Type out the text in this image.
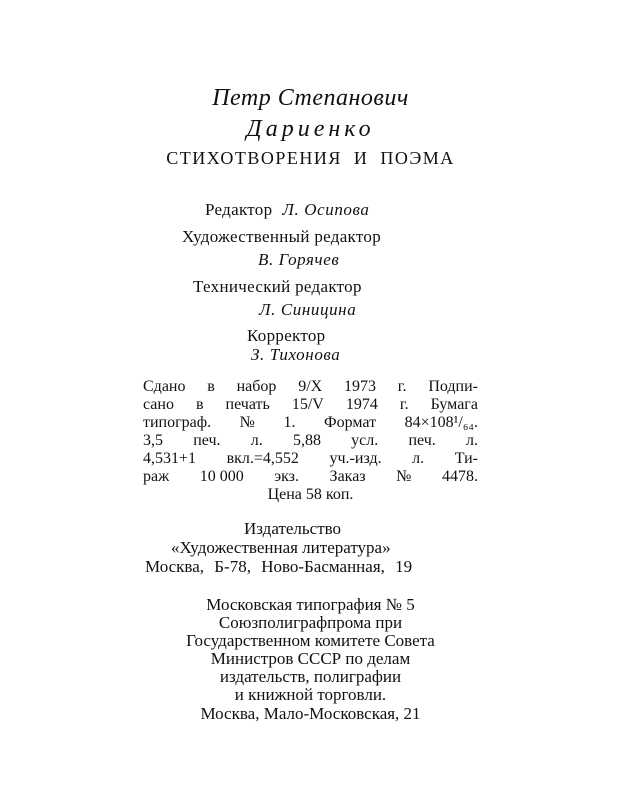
Петр Степанович
Дариенко
СТИХОТВОРЕНИЯ И ПОЭМА
Редактор Л. Осипова
Художественный редактор
В. Горячев
Технический редактор
Л. Синицина
Корректор
З. Тихонова
Сдано в набор 9/X 1973 г. Подпи-
сано в печать 15/V 1974 г. Бумага
типограф. № 1. Формат 84×108¹/₆₄.
3,5 печ. л. 5,88 усл. печ. л.
4,531+1 вкл.=4,552 уч.-изд. л. Ти-
раж 10 000 экз. Заказ № 4478.
Цена 58 коп.
Издательство
«Художественная литература»
Москва, Б-78, Ново-Басманная, 19
Московская типография № 5
Союзполиграфпрома при
Государственном комитете Совета
Министров СССР по делам
издательств, полиграфии
и книжной торговли.
Москва, Мало-Московская, 21
